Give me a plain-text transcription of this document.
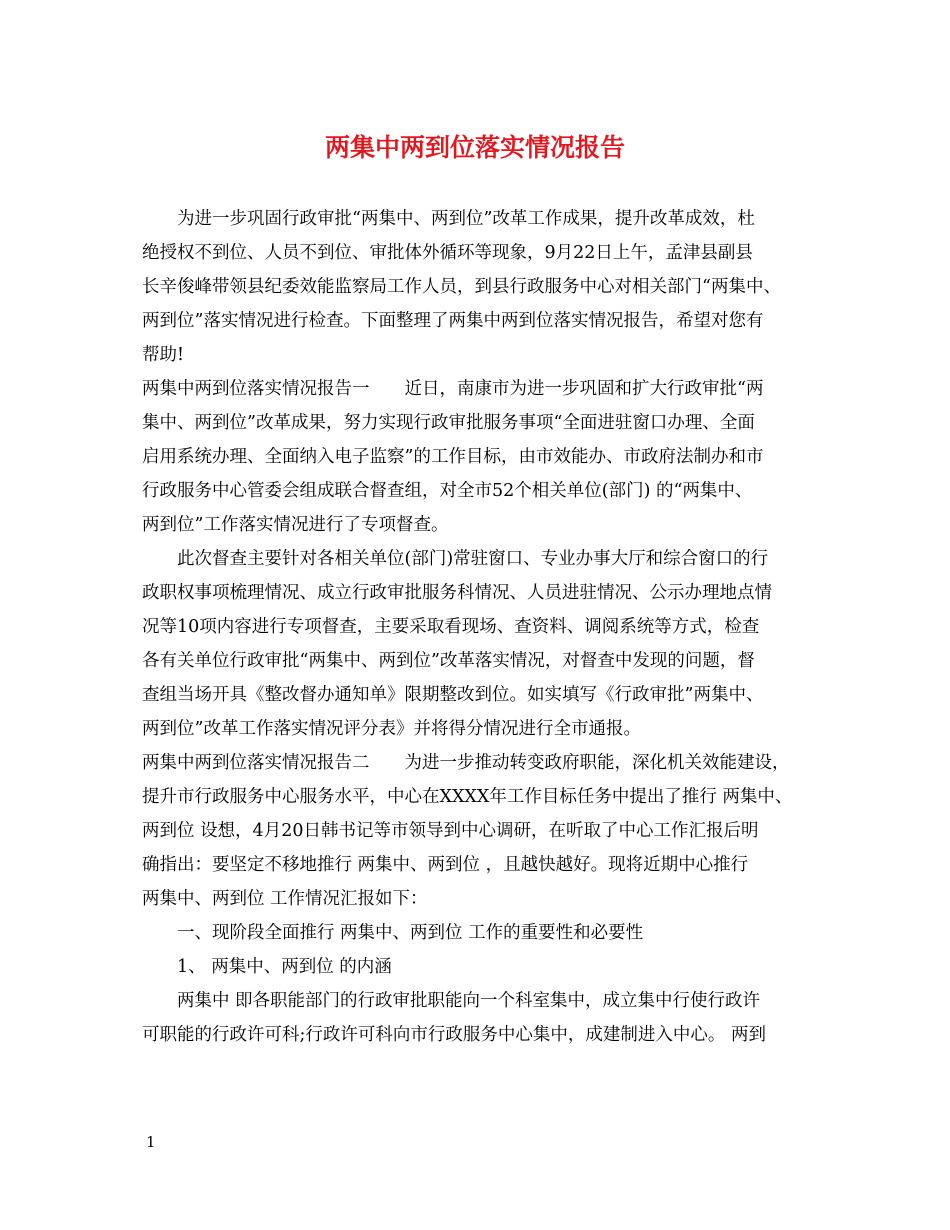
两集中两到位落实情况报告
　　为进一步巩固行政审批“两集中、两到位”改革工作成果，提升改革成效，杜
绝授权不到位、人员不到位、审批体外循环等现象，9月22日上午，孟津县副县
长辛俊峰带领县纪委效能监察局工作人员，到县行政服务中心对相关部门“两集中、
两到位”落实情况进行检查。下面整理了两集中两到位落实情况报告，希望对您有
帮助!
两集中两到位落实情况报告一　　近日，南康市为进一步巩固和扩大行政审批“两
集中、两到位”改革成果，努力实现行政审批服务事项“全面进驻窗口办理、全面
启用系统办理、全面纳入电子监察”的工作目标，由市效能办、市政府法制办和市
行政服务中心管委会组成联合督查组，对全市52个相关单位(部门) 的“两集中、
两到位”工作落实情况进行了专项督查。
　　此次督查主要针对各相关单位(部门)常驻窗口、专业办事大厅和综合窗口的行
政职权事项梳理情况、成立行政审批服务科情况、人员进驻情况、公示办理地点情
况等10项内容进行专项督查，主要采取看现场、查资料、调阅系统等方式，检查
各有关单位行政审批“两集中、两到位”改革落实情况，对督查中发现的问题，督
查组当场开具《整改督办通知单》限期整改到位。如实填写《行政审批”两集中、
两到位”改革工作落实情况评分表》并将得分情况进行全市通报。
两集中两到位落实情况报告二　　为进一步推动转变政府职能，深化机关效能建设，
提升市行政服务中心服务水平，中心在XXXX年工作目标任务中提出了推行 两集中、
两到位 设想，4月20日韩书记等市领导到中心调研，在听取了中心工作汇报后明
确指出：要坚定不移地推行 两集中、两到位 ，且越快越好。现将近期中心推行
两集中、两到位 工作情况汇报如下：
　　一、现阶段全面推行 两集中、两到位 工作的重要性和必要性
　　1、 两集中、两到位 的内涵
　　两集中 即各职能部门的行政审批职能向一个科室集中，成立集中行使行政许
可职能的行政许可科;行政许可科向市行政服务中心集中，成建制进入中心。 两到
1
